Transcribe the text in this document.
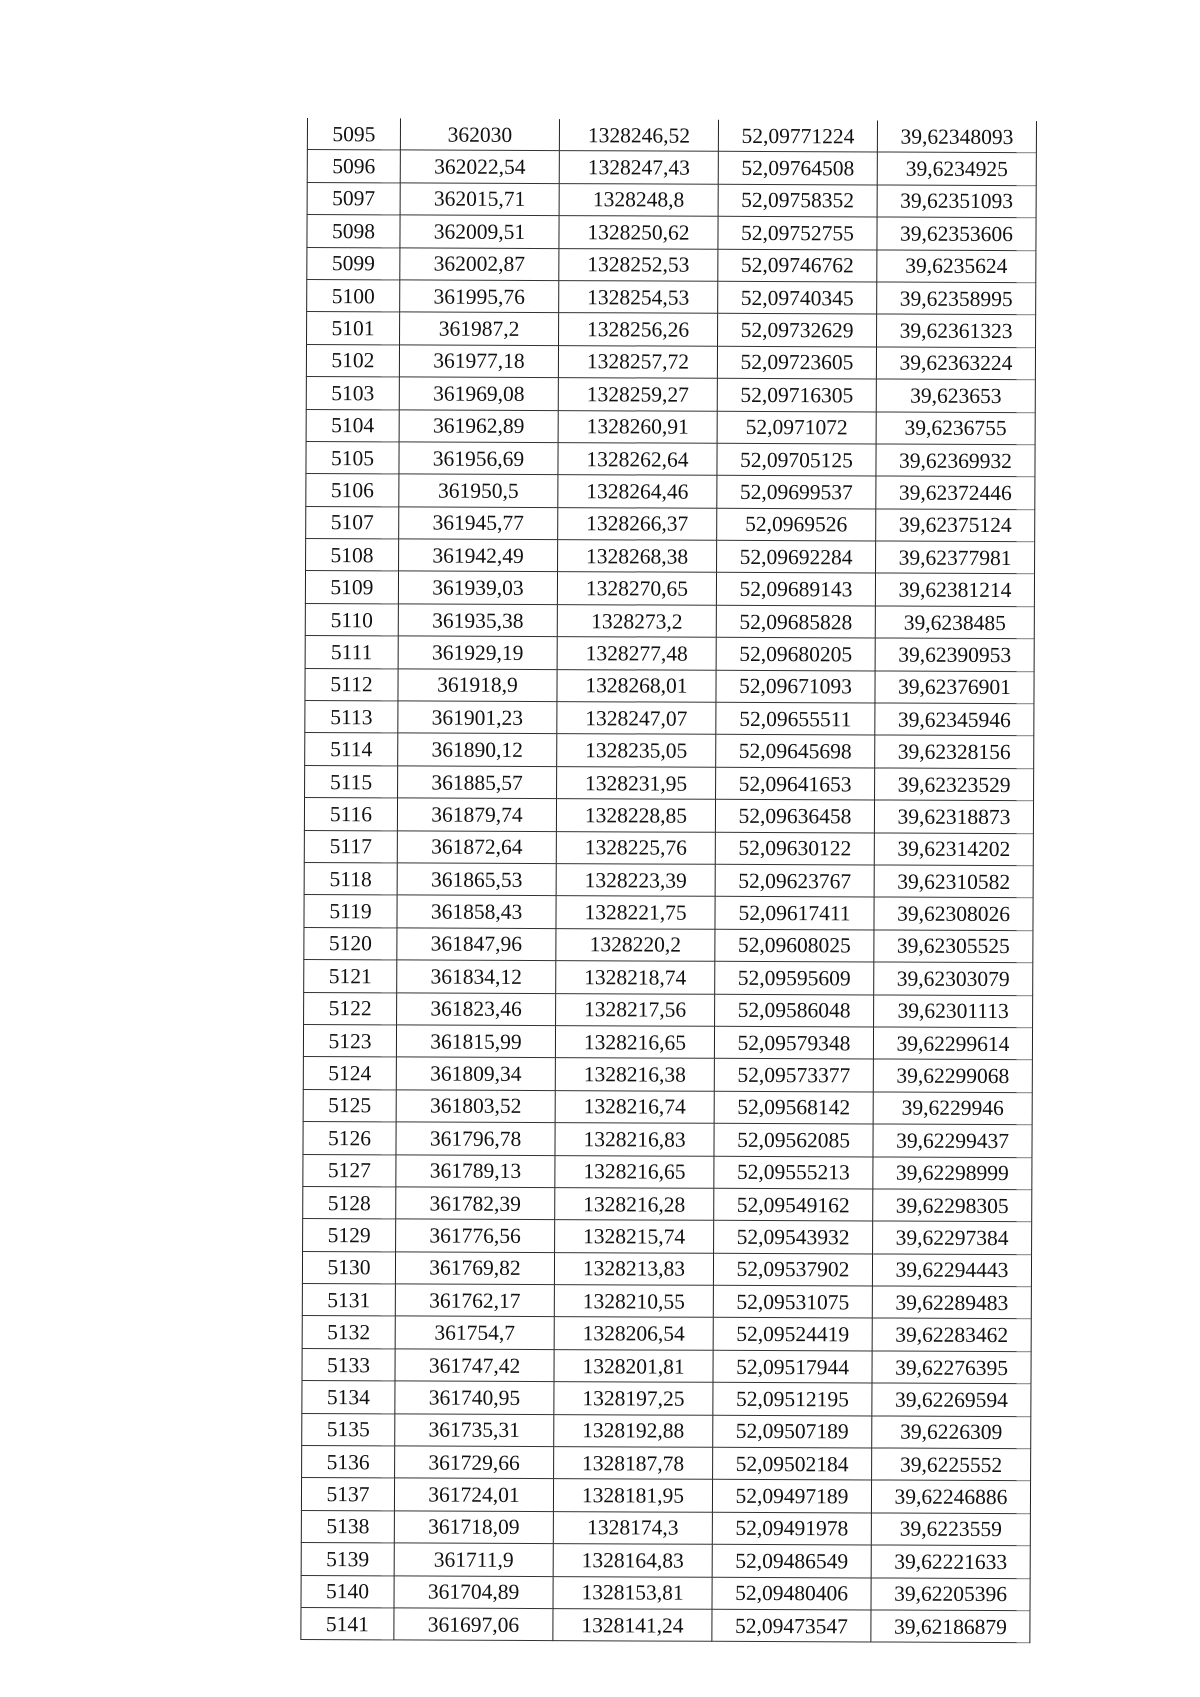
5095	362030	1328246,52	52,09771224	39,62348093
5096	362022,54	1328247,43	52,09764508	39,6234925
5097	362015,71	1328248,8	52,09758352	39,62351093
5098	362009,51	1328250,62	52,09752755	39,62353606
5099	362002,87	1328252,53	52,09746762	39,6235624
5100	361995,76	1328254,53	52,09740345	39,62358995
5101	361987,2	1328256,26	52,09732629	39,62361323
5102	361977,18	1328257,72	52,09723605	39,62363224
5103	361969,08	1328259,27	52,09716305	39,623653
5104	361962,89	1328260,91	52,0971072	39,6236755
5105	361956,69	1328262,64	52,09705125	39,62369932
5106	361950,5	1328264,46	52,09699537	39,62372446
5107	361945,77	1328266,37	52,0969526	39,62375124
5108	361942,49	1328268,38	52,09692284	39,62377981
5109	361939,03	1328270,65	52,09689143	39,62381214
5110	361935,38	1328273,2	52,09685828	39,6238485
5111	361929,19	1328277,48	52,09680205	39,62390953
5112	361918,9	1328268,01	52,09671093	39,62376901
5113	361901,23	1328247,07	52,09655511	39,62345946
5114	361890,12	1328235,05	52,09645698	39,62328156
5115	361885,57	1328231,95	52,09641653	39,62323529
5116	361879,74	1328228,85	52,09636458	39,62318873
5117	361872,64	1328225,76	52,09630122	39,62314202
5118	361865,53	1328223,39	52,09623767	39,62310582
5119	361858,43	1328221,75	52,09617411	39,62308026
5120	361847,96	1328220,2	52,09608025	39,62305525
5121	361834,12	1328218,74	52,09595609	39,62303079
5122	361823,46	1328217,56	52,09586048	39,62301113
5123	361815,99	1328216,65	52,09579348	39,62299614
5124	361809,34	1328216,38	52,09573377	39,62299068
5125	361803,52	1328216,74	52,09568142	39,6229946
5126	361796,78	1328216,83	52,09562085	39,62299437
5127	361789,13	1328216,65	52,09555213	39,62298999
5128	361782,39	1328216,28	52,09549162	39,62298305
5129	361776,56	1328215,74	52,09543932	39,62297384
5130	361769,82	1328213,83	52,09537902	39,62294443
5131	361762,17	1328210,55	52,09531075	39,62289483
5132	361754,7	1328206,54	52,09524419	39,62283462
5133	361747,42	1328201,81	52,09517944	39,62276395
5134	361740,95	1328197,25	52,09512195	39,62269594
5135	361735,31	1328192,88	52,09507189	39,6226309
5136	361729,66	1328187,78	52,09502184	39,6225552
5137	361724,01	1328181,95	52,09497189	39,62246886
5138	361718,09	1328174,3	52,09491978	39,6223559
5139	361711,9	1328164,83	52,09486549	39,62221633
5140	361704,89	1328153,81	52,09480406	39,62205396
5141	361697,06	1328141,24	52,09473547	39,62186879
